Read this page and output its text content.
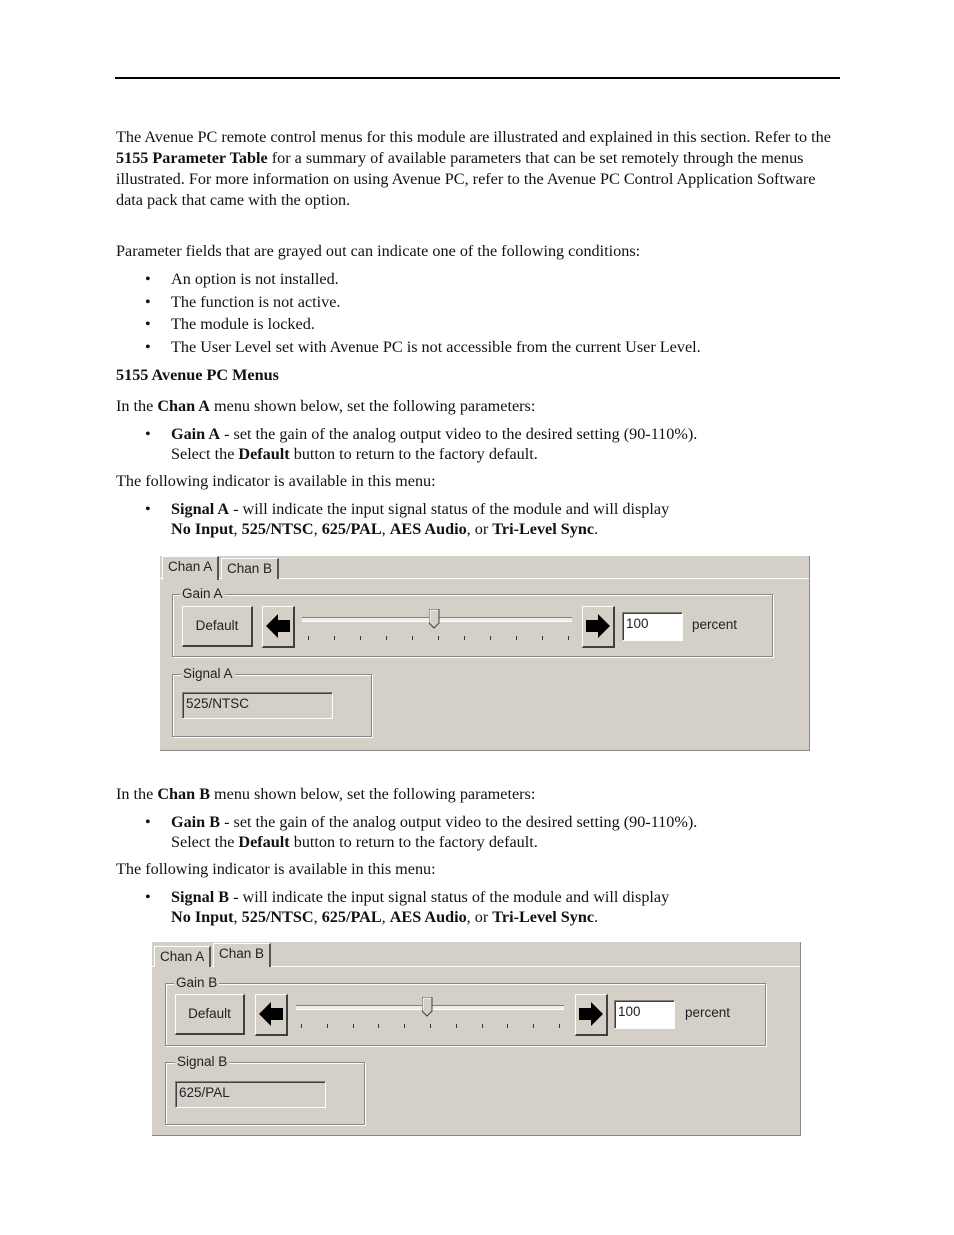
The Avenue PC remote control menus for this module are illustrated and explained in this section. Refer to the 5155 Parameter Table for a summary of available parameters that can be set remotely through the menus illustrated. For more information on using Avenue PC, refer to the Avenue PC Control Application Software data pack that came with the option.
Parameter fields that are grayed out can indicate one of the following conditions:
• An option is not installed.
• The function is not active.
• The module is locked.
• The User Level set with Avenue PC is not accessible from the current User Level.
5155 Avenue PC Menus
In the Chan A menu shown below, set the following parameters:
• Gain A - set the gain of the analog output video to the desired setting (90-110%).
Select the Default button to return to the factory default.
The following indicator is available in this menu:
• Signal A - will indicate the input signal status of the module and will display
No Input, 525/NTSC, 625/PAL, AES Audio, or Tri-Level Sync.
Chan A	Chan B
Gain A
Default	100	percent
Signal A
525/NTSC
In the Chan B menu shown below, set the following parameters:
• Gain B - set the gain of the analog output video to the desired setting (90-110%).
Select the Default button to return to the factory default.
The following indicator is available in this menu:
• Signal B - will indicate the input signal status of the module and will display
No Input, 525/NTSC, 625/PAL, AES Audio, or Tri-Level Sync.
Chan A	Chan B
Gain B
Default	100	percent
Signal B
625/PAL
